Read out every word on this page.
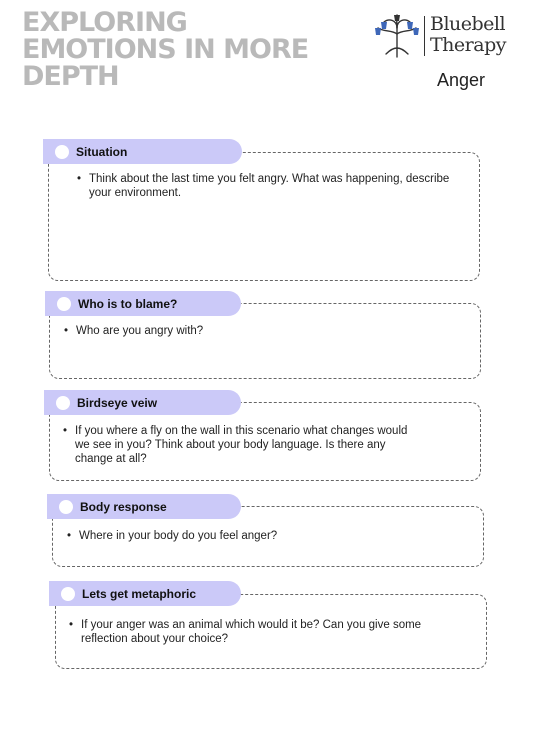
EXPLORING
EMOTIONS IN MORE
DEPTH
Bluebell
Therapy
Anger
Situation
• Think about the last time you felt angry. What was happening, describe your environment.
Who is to blame?
• Who are you angry with?
Birdseye veiw
• If you where a fly on the wall in this scenario what changes would we see in you? Think about your body language. Is there any change at all?
Body response
• Where in your body do you feel anger?
Lets get metaphoric
• If your anger was an animal which would it be? Can you give some reflection about your choice?
